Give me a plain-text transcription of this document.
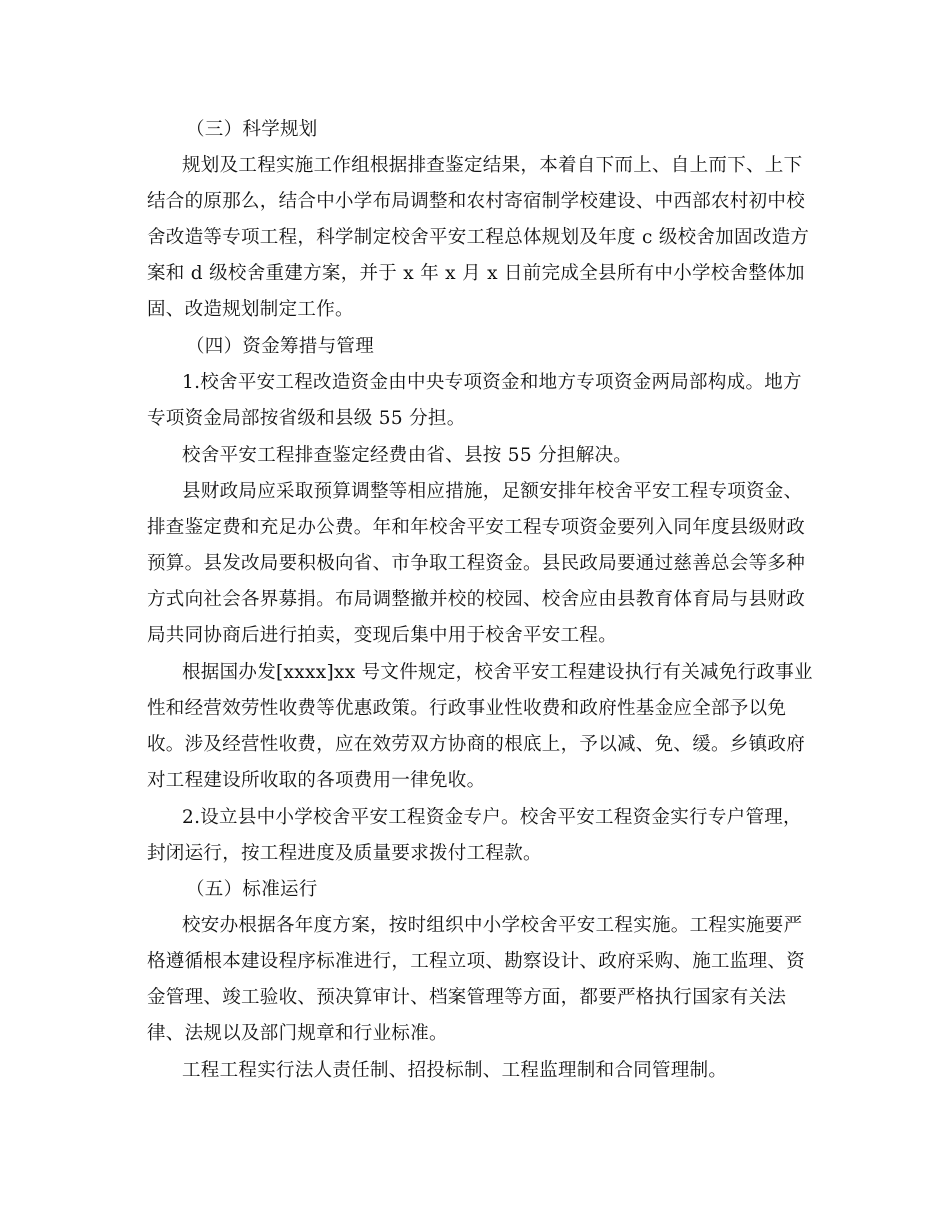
（三）科学规划
规划及工程实施工作组根据排查鉴定结果，本着自下而上、自上而下、上下
结合的原那么，结合中小学布局调整和农村寄宿制学校建设、中西部农村初中校
舍改造等专项工程，科学制定校舍平安工程总体规划及年度 c 级校舍加固改造方
案和 d 级校舍重建方案，并于 x 年 x 月 x 日前完成全县所有中小学校舍整体加
固、改造规划制定工作。
（四）资金筹措与管理
1.校舍平安工程改造资金由中央专项资金和地方专项资金两局部构成。地方
专项资金局部按省级和县级 55 分担。
校舍平安工程排查鉴定经费由省、县按 55 分担解决。
县财政局应采取预算调整等相应措施，足额安排年校舍平安工程专项资金、
排查鉴定费和充足办公费。年和年校舍平安工程专项资金要列入同年度县级财政
预算。县发改局要积极向省、市争取工程资金。县民政局要通过慈善总会等多种
方式向社会各界募捐。布局调整撤并校的校园、校舍应由县教育体育局与县财政
局共同协商后进行拍卖，变现后集中用于校舍平安工程。
根据国办发[xxxx]xx 号文件规定，校舍平安工程建设执行有关减免行政事业
性和经营效劳性收费等优惠政策。行政事业性收费和政府性基金应全部予以免
收。涉及经营性收费，应在效劳双方协商的根底上，予以减、免、缓。乡镇政府
对工程建设所收取的各项费用一律免收。
2.设立县中小学校舍平安工程资金专户。校舍平安工程资金实行专户管理，
封闭运行，按工程进度及质量要求拨付工程款。
（五）标准运行
校安办根据各年度方案，按时组织中小学校舍平安工程实施。工程实施要严
格遵循根本建设程序标准进行，工程立项、勘察设计、政府采购、施工监理、资
金管理、竣工验收、预决算审计、档案管理等方面，都要严格执行国家有关法
律、法规以及部门规章和行业标准。
工程工程实行法人责任制、招投标制、工程监理制和合同管理制。
